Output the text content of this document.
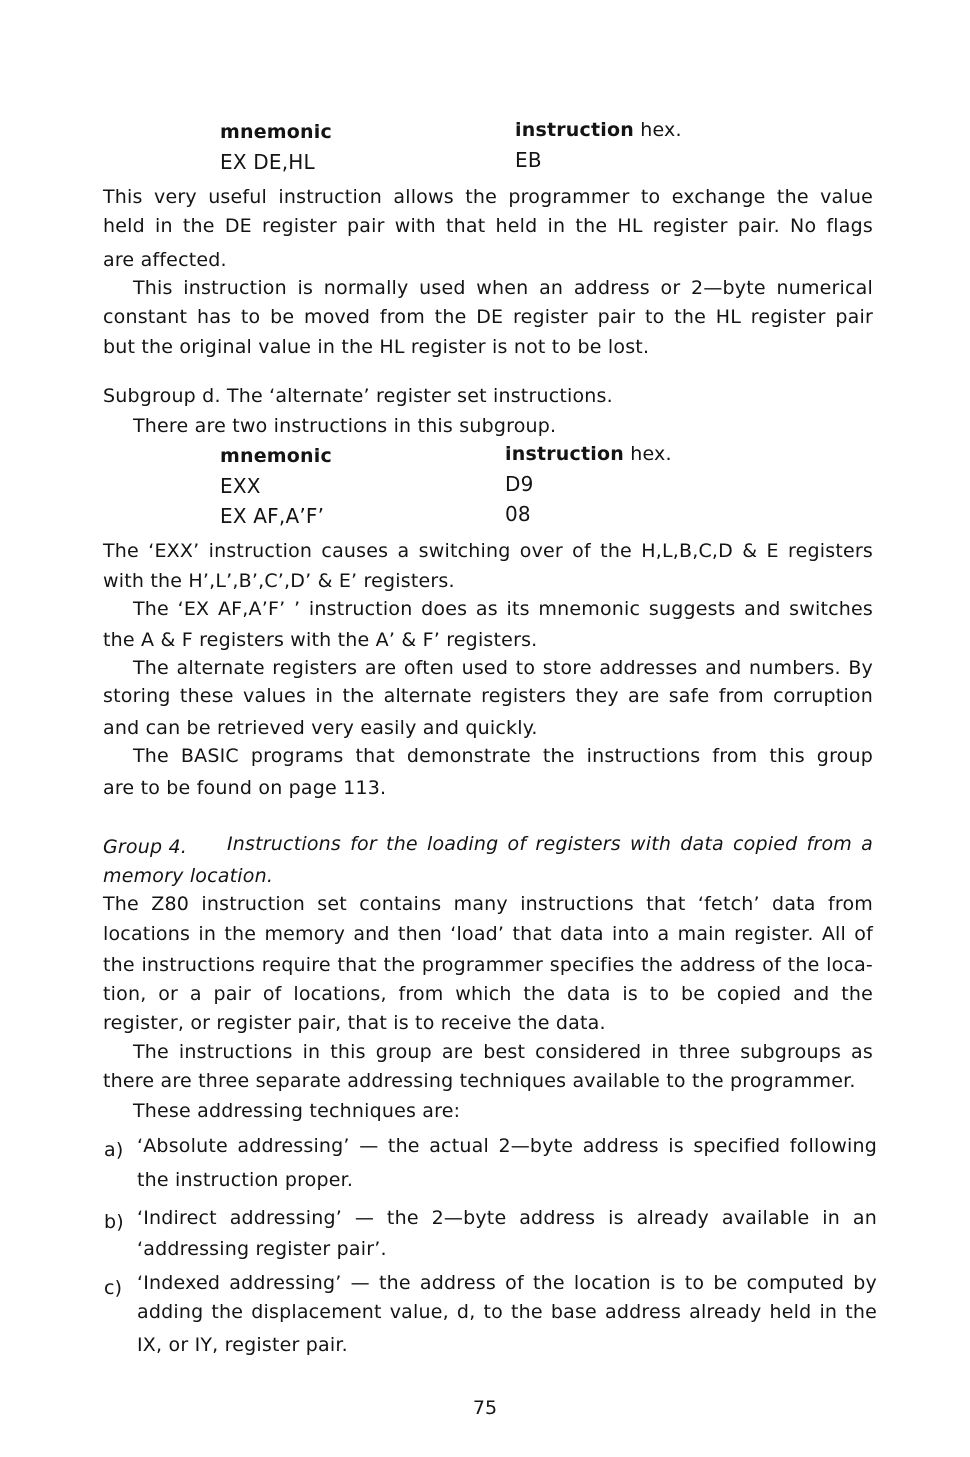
mnemonic	instruction hex.
EX DE,HL	EB
This very useful instruction allows the programmer to exchange the value
held in the DE register pair with that held in the HL register pair. No flags
are affected.
This instruction is normally used when an address or 2—byte numerical
constant has to be moved from the DE register pair to the HL register pair
but the original value in the HL register is not to be lost.
Subgroup d. The ‘alternate’ register set instructions.
There are two instructions in this subgroup.
mnemonic	instruction hex.
EXX	D9
EX AF,A’F’	08
The ‘EXX’ instruction causes a switching over of the H,L,B,C,D & E registers
with the H’,L’,B’,C’,D’ & E’ registers.
The ‘EX AF,A’F’ ’ instruction does as its mnemonic suggests and switches
the A & F registers with the A’ & F’ registers.
The alternate registers are often used to store addresses and numbers. By
storing these values in the alternate registers they are safe from corruption
and can be retrieved very easily and quickly.
The BASIC programs that demonstrate the instructions from this group
are to be found on page 113.
Group 4. Instructions for the loading of registers with data copied from a
memory location.
The Z80 instruction set contains many instructions that ‘fetch’ data from
locations in the memory and then ‘load’ that data into a main register. All of
the instructions require that the programmer specifies the address of the loca-
tion, or a pair of locations, from which the data is to be copied and the
register, or register pair, that is to receive the data.
The instructions in this group are best considered in three subgroups as
there are three separate addressing techniques available to the programmer.
These addressing techniques are:
a) ‘Absolute addressing’ — the actual 2—byte address is specified following
the instruction proper.
b) ‘Indirect addressing’ — the 2—byte address is already available in an
‘addressing register pair’.
c) ‘Indexed addressing’ — the address of the location is to be computed by
adding the displacement value, d, to the base address already held in the
IX, or IY, register pair.
75
